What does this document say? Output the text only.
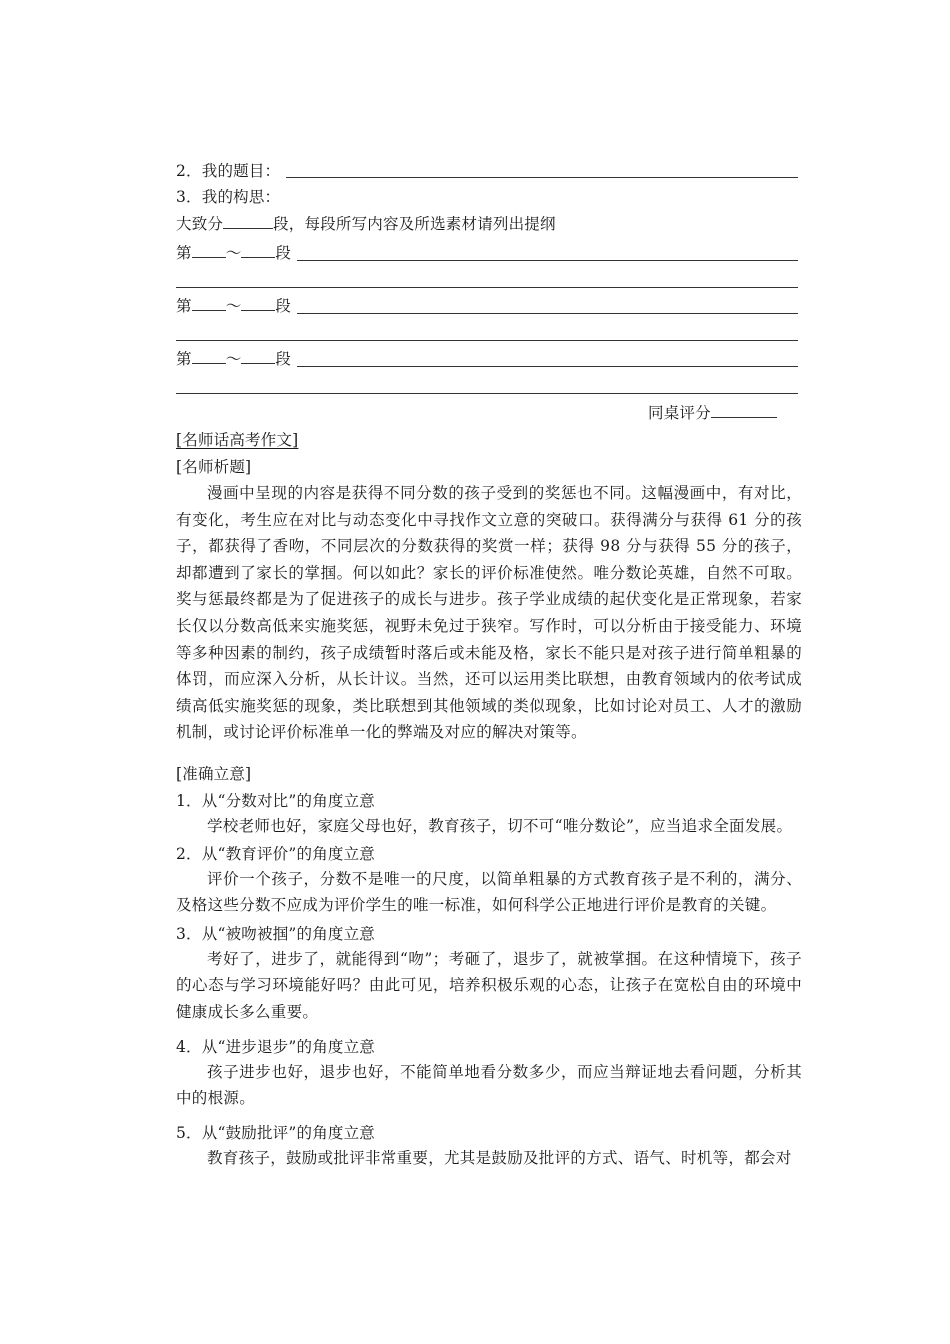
2．我的题目：
3．我的构思：
大致分	段，每段所写内容及所选素材请列出提纲
第 ～ 段
第 ～ 段
第 ～ 段
同桌评分
[名师话高考作文]
[名师析题]
漫画中呈现的内容是获得不同分数的孩子受到的奖惩也不同。这幅漫画中，有对比，有变化，考生应在对比与动态变化中寻找作文立意的突破口。获得满分与获得 61 分的孩子，都获得了香吻，不同层次的分数获得的奖赏一样；获得 98 分与获得 55 分的孩子，却都遭到了家长的掌掴。何以如此？家长的评价标准使然。唯分数论英雄，自然不可取。奖与惩最终都是为了促进孩子的成长与进步。孩子学业成绩的起伏变化是正常现象，若家长仅以分数高低来实施奖惩，视野未免过于狭窄。写作时，可以分析由于接受能力、环境等多种因素的制约，孩子成绩暂时落后或未能及格，家长不能只是对孩子进行简单粗暴的体罚，而应深入分析，从长计议。当然，还可以运用类比联想，由教育领域内的依考试成绩高低实施奖惩的现象，类比联想到其他领域的类似现象，比如讨论对员工、人才的激励机制，或讨论评价标准单一化的弊端及对应的解决对策等。
[准确立意]
1．从“分数对比”的角度立意
学校老师也好，家庭父母也好，教育孩子，切不可“唯分数论”，应当追求全面发展。
2．从“教育评价”的角度立意
评价一个孩子，分数不是唯一的尺度，以简单粗暴的方式教育孩子是不利的，满分、及格这些分数不应成为评价学生的唯一标准，如何科学公正地进行评价是教育的关键。
3．从“被吻被掴”的角度立意
考好了，进步了，就能得到“吻”；考砸了，退步了，就被掌掴。在这种情境下，孩子的心态与学习环境能好吗？由此可见，培养积极乐观的心态，让孩子在宽松自由的环境中健康成长多么重要。
4．从“进步退步”的角度立意
孩子进步也好，退步也好，不能简单地看分数多少，而应当辩证地去看问题，分析其中的根源。
5．从“鼓励批评”的角度立意
教育孩子，鼓励或批评非常重要，尤其是鼓励及批评的方式、语气、时机等，都会对
